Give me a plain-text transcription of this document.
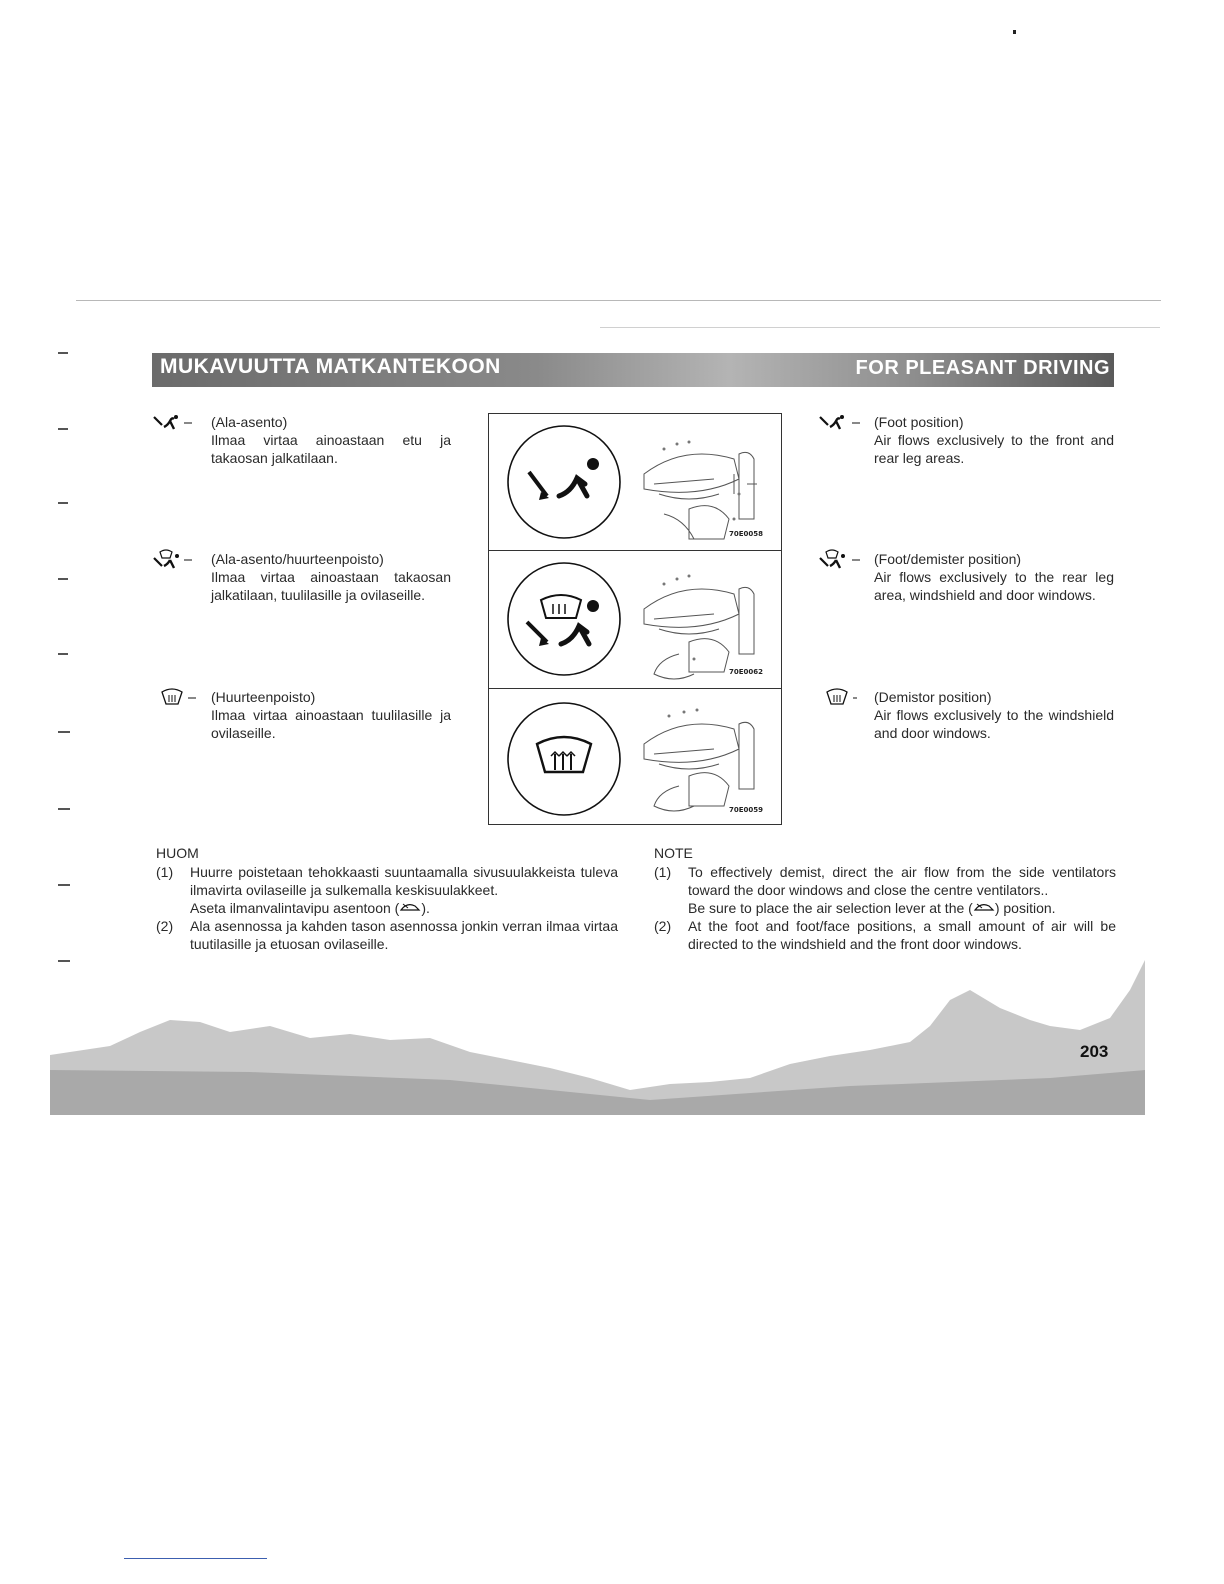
MUKAVUUTTA MATKANTEKOON	FOR PLEASANT DRIVING
(Ala-asento)
Ilmaa virtaa ainoastaan etu ja takaosan jalkatilaan.
(Ala-asento/huurteenpoisto)
Ilmaa virtaa ainoastaan takaosan jalkatilaan, tuulilasille ja ovilaseille.
(Huurteenpoisto)
Ilmaa virtaa ainoastaan tuulilasille ja ovilaseille.
70E0058
70E0062
70E0059
(Foot position)
Air flows exclusively to the front and rear leg areas.
(Foot/demister position)
Air flows exclusively to the rear leg area, windshield and door windows.
(Demistor position)
Air flows exclusively to the windshield and door windows.
HUOM
(1) Huurre poistetaan tehokkaasti suuntaamalla sivusuulakkeista tuleva ilmavirta ovilaseille ja sulkemalla keskisuulakkeet.
Aseta ilmanvalintavipu asentoon ( ).
(2) Ala asennossa ja kahden tason asennossa jonkin verran ilmaa virtaa tuutilasille ja etuosan ovilaseille.
NOTE
(1) To effectively demist, direct the air flow from the side ventilators toward the door windows and close the centre ventilators..
Be sure to place the air selection lever at the ( ) position.
(2) At the foot and foot/face positions, a small amount of air will be directed to the windshield and the front door windows.
203
